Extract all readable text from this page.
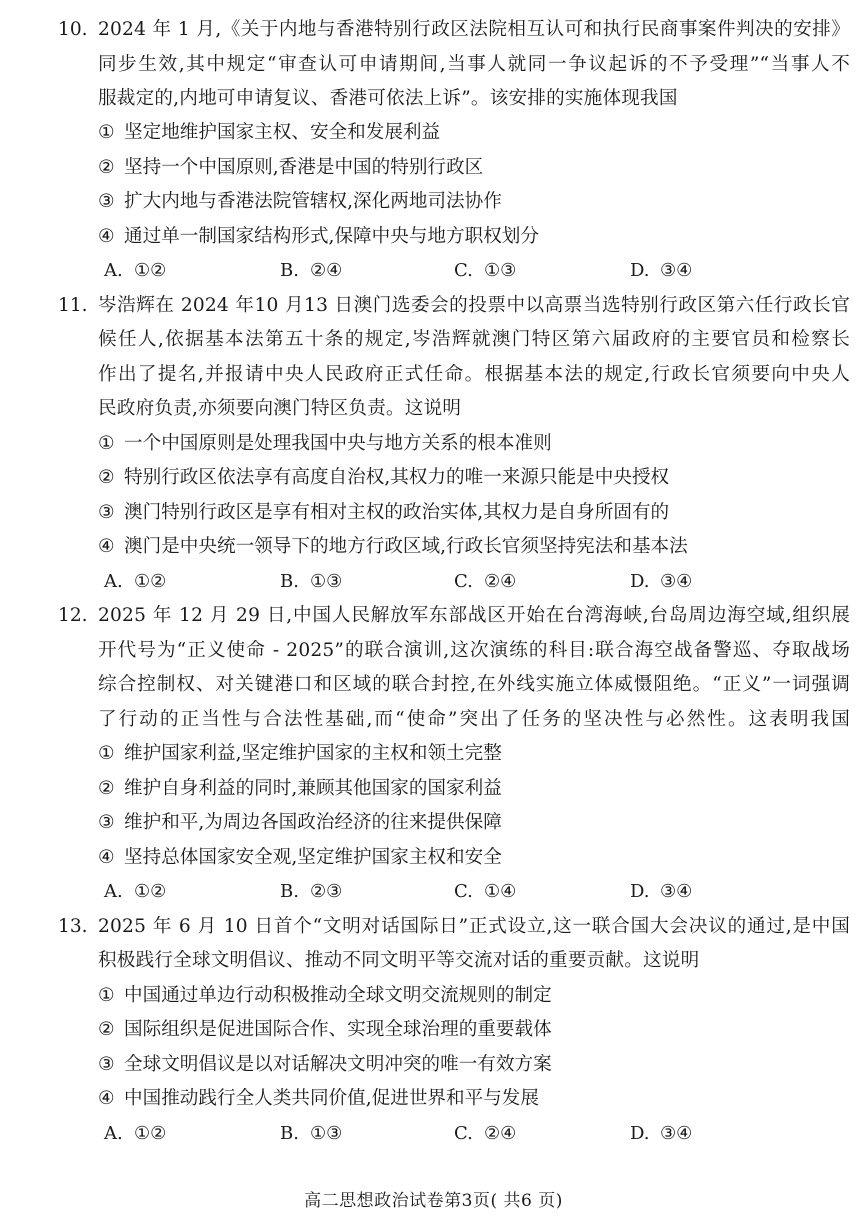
10. 2024 年 1 月,《关于内地与香港特别行政区法院相互认可和执行民商事案件判决的安排》
同步生效,其中规定“审查认可申请期间,当事人就同一争议起诉的不予受理”“当事人不
服裁定的,内地可申请复议、香港可依法上诉”。该安排的实施体现我国
① 坚定地维护国家主权、安全和发展利益
② 坚持一个中国原则,香港是中国的特别行政区
③ 扩大内地与香港法院管辖权,深化两地司法协作
④ 通过单一制国家结构形式,保障中央与地方职权划分
A. ①②	B. ②④	C. ①③	D. ③④
11. 岑浩辉在 2024 年10 月13 日澳门选委会的投票中以高票当选特别行政区第六任行政长官
候任人,依据基本法第五十条的规定,岑浩辉就澳门特区第六届政府的主要官员和检察长
作出了提名,并报请中央人民政府正式任命。根据基本法的规定,行政长官须要向中央人
民政府负责,亦须要向澳门特区负责。这说明
① 一个中国原则是处理我国中央与地方关系的根本准则
② 特别行政区依法享有高度自治权,其权力的唯一来源只能是中央授权
③ 澳门特别行政区是享有相对主权的政治实体,其权力是自身所固有的
④ 澳门是中央统一领导下的地方行政区域,行政长官须坚持宪法和基本法
A. ①②	B. ①③	C. ②④	D. ③④
12. 2025 年 12 月 29 日,中国人民解放军东部战区开始在台湾海峡,台岛周边海空域,组织展
开代号为“正义使命 - 2025”的联合演训,这次演练的科目:联合海空战备警巡、夺取战场
综合控制权、对关键港口和区域的联合封控,在外线实施立体威慑阻绝。“正义”一词强调
了行动的正当性与合法性基础,而“使命”突出了任务的坚决性与必然性。这表明我国
① 维护国家利益,坚定维护国家的主权和领土完整
② 维护自身利益的同时,兼顾其他国家的国家利益
③ 维护和平,为周边各国政治经济的往来提供保障
④ 坚持总体国家安全观,坚定维护国家主权和安全
A. ①②	B. ②③	C. ①④	D. ③④
13. 2025 年 6 月 10 日首个“文明对话国际日”正式设立,这一联合国大会决议的通过,是中国
积极践行全球文明倡议、推动不同文明平等交流对话的重要贡献。这说明
① 中国通过单边行动积极推动全球文明交流规则的制定
② 国际组织是促进国际合作、实现全球治理的重要载体
③ 全球文明倡议是以对话解决文明冲突的唯一有效方案
④ 中国推动践行全人类共同价值,促进世界和平与发展
A. ①②	B. ①③	C. ②④	D. ③④
高二思想政治试卷第3页( 共6 页)
